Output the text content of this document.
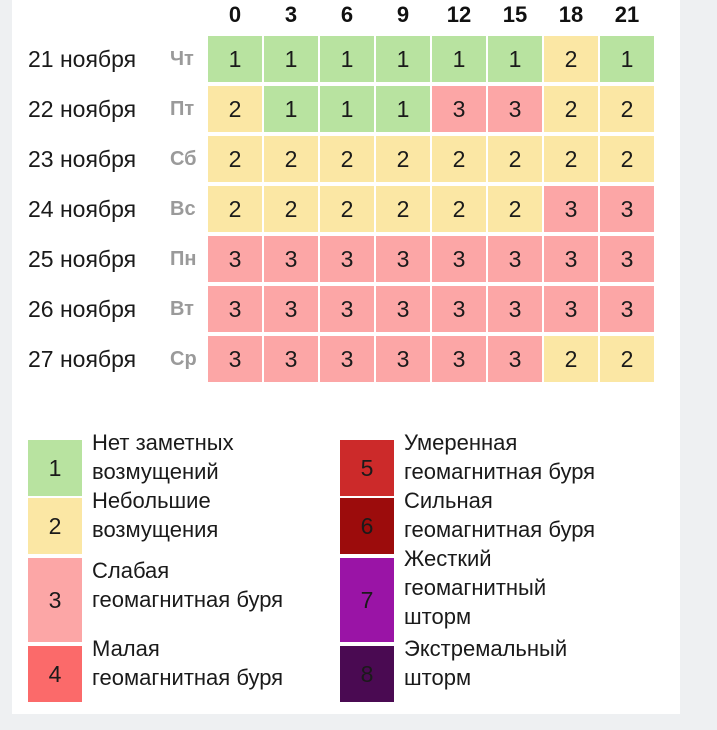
0	3	6	9	12	15	18	21
21 ноября Чт	1	1	1	1	1	1	2	1
22 ноября Пт	2	1	1	1	3	3	2	2
23 ноября Сб	2	2	2	2	2	2	2	2
24 ноября Вс	2	2	2	2	2	2	3	3
25 ноября Пн	3	3	3	3	3	3	3	3
26 ноября Вт	3	3	3	3	3	3	3	3
27 ноября Ср	3	3	3	3	3	3	2	2
1
Нет заметных
возмущений
2
Небольшие
возмущения
3
Слабая
геомагнитная буря
4
Малая
геомагнитная буря
5
Умеренная
геомагнитная буря
6
Сильная
геомагнитная буря
7
Жесткий
геомагнитный
шторм
8
Экстремальный
шторм
